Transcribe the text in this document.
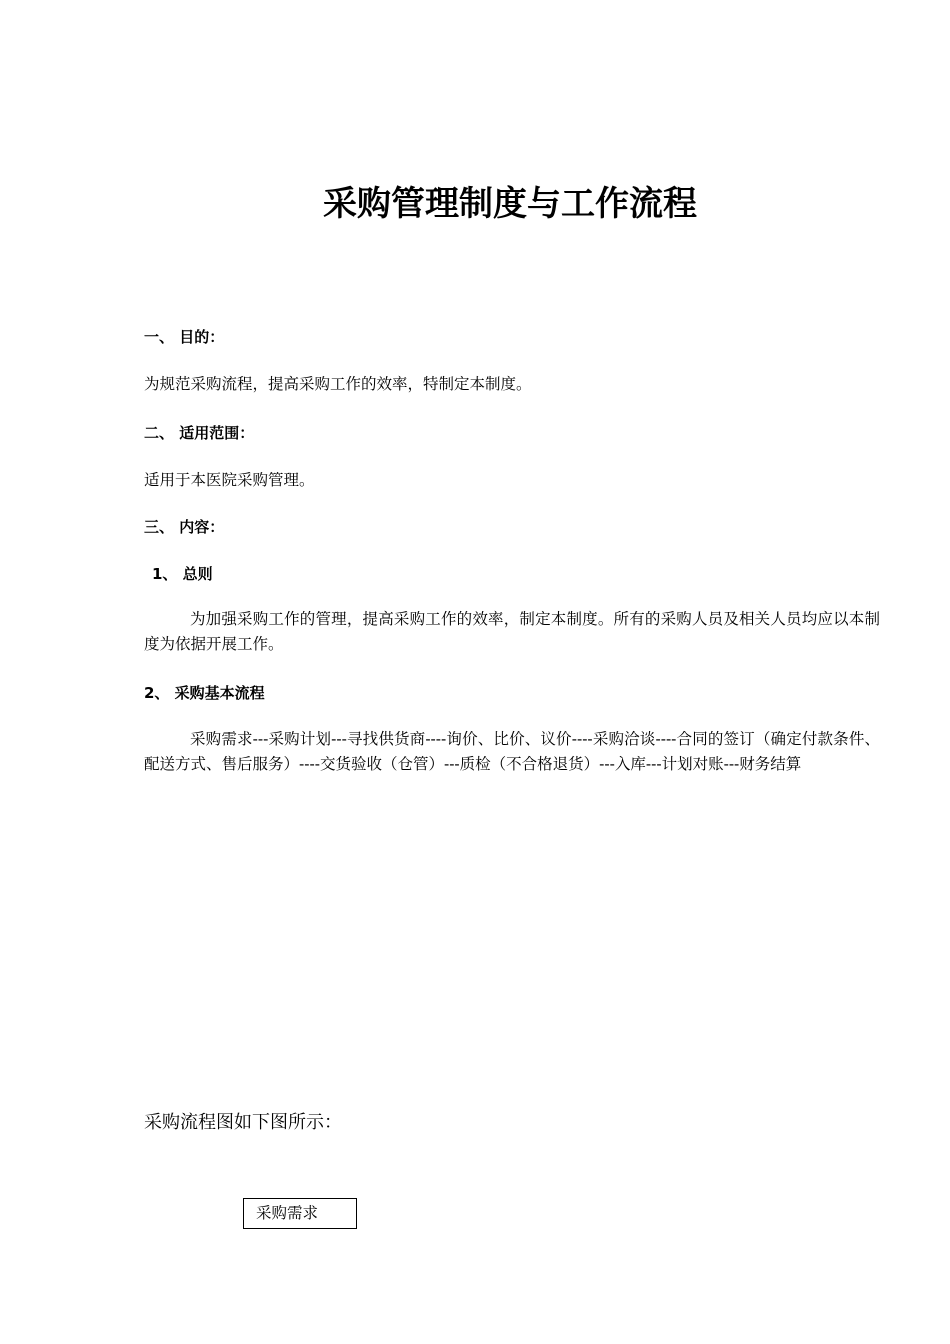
采购管理制度与工作流程
一、 目的：
为规范采购流程，提高采购工作的效率，特制定本制度。
二、 适用范围：
适用于本医院采购管理。
三、 内容：
1、 总则
为加强采购工作的管理，提高采购工作的效率，制定本制度。所有的采购人员及相关人员均应以本制度为依据开展工作。
2、 采购基本流程
采购需求---采购计划---寻找供货商----询价、比价、议价----采购洽谈----合同的签订（确定付款条件、配送方式、售后服务）----交货验收（仓管）---质检（不合格退货）---入库---计划对账---财务结算
采购流程图如下图所示：
采购需求
